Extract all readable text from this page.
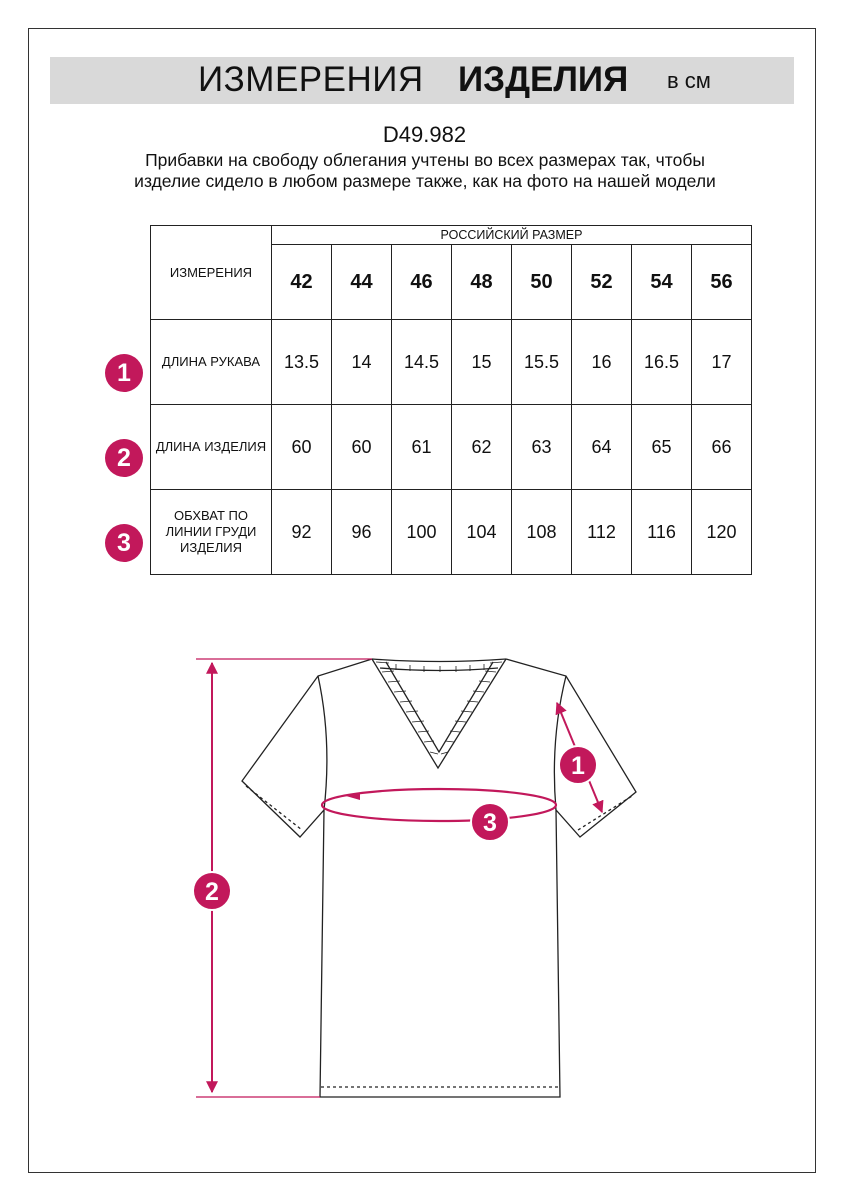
ИЗМЕРЕНИЯ ИЗДЕЛИЯ в см
D49.982
Прибавки на свободу облегания учтены во всех размерах так, чтобы изделие сидело в любом размере также, как на фото на нашей модели
ИЗМЕРЕНИЯ	РОССИЙСКИЙ РАЗМЕР							
	42	44	46	48	50	52	54	56
ДЛИНА РУКАВА	13.5	14	14.5	15	15.5	16	16.5	17
ДЛИНА ИЗДЕЛИЯ	60	60	61	62	63	64	65	66
ОБХВАТ ПО ЛИНИИ ГРУДИ ИЗДЕЛИЯ	92	96	100	104	108	112	116	120
1
2
3
1
2
3
